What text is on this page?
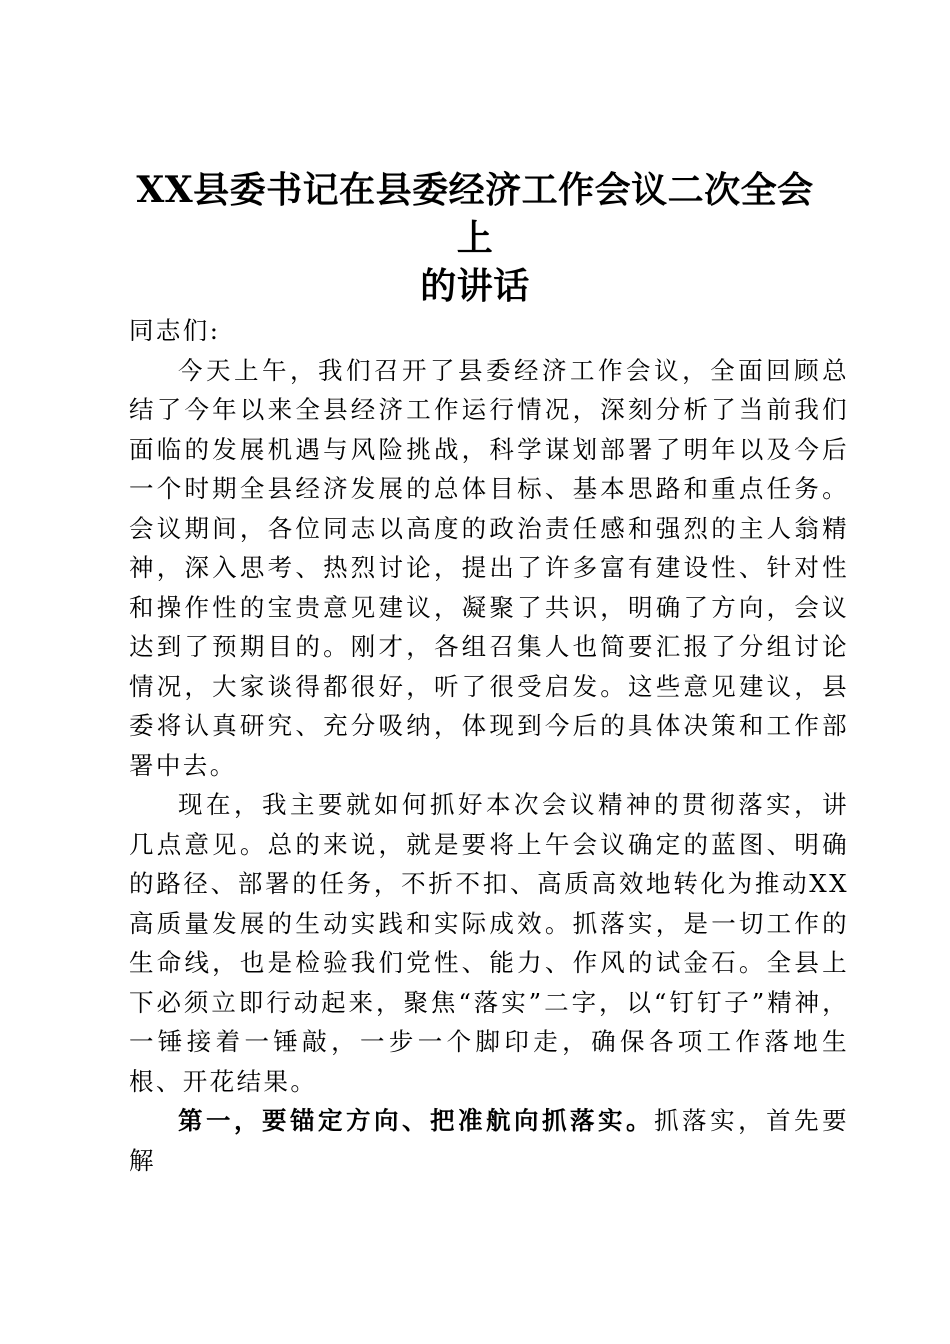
XX县委书记在县委经济工作会议二次全会上
的讲话

同志们:

今天上午，我们召开了县委经济工作会议，全面回顾总结了今年以来全县经济工作运行情况，深刻分析了当前我们面临的发展机遇与风险挑战，科学谋划部署了明年以及今后一个时期全县经济发展的总体目标、基本思路和重点任务。会议期间，各位同志以高度的政治责任感和强烈的主人翁精神，深入思考、热烈讨论，提出了许多富有建设性、针对性和操作性的宝贵意见建议，凝聚了共识，明确了方向，会议达到了预期目的。刚才，各组召集人也简要汇报了分组讨论情况，大家谈得都很好，听了很受启发。这些意见建议，县委将认真研究、充分吸纳，体现到今后的具体决策和工作部署中去。

现在，我主要就如何抓好本次会议精神的贯彻落实，讲几点意见。总的来说，就是要将上午会议确定的蓝图、明确的路径、部署的任务，不折不扣、高质高效地转化为推动XX高质量发展的生动实践和实际成效。抓落实，是一切工作的生命线，也是检验我们党性、能力、作风的试金石。全县上下必须立即行动起来，聚焦“落实”二字，以“钉钉子”精神，一锤接着一锤敲，一步一个脚印走，确保各项工作落地生根、开花结果。

第一，要锚定方向、把准航向抓落实。抓落实，首先要解
